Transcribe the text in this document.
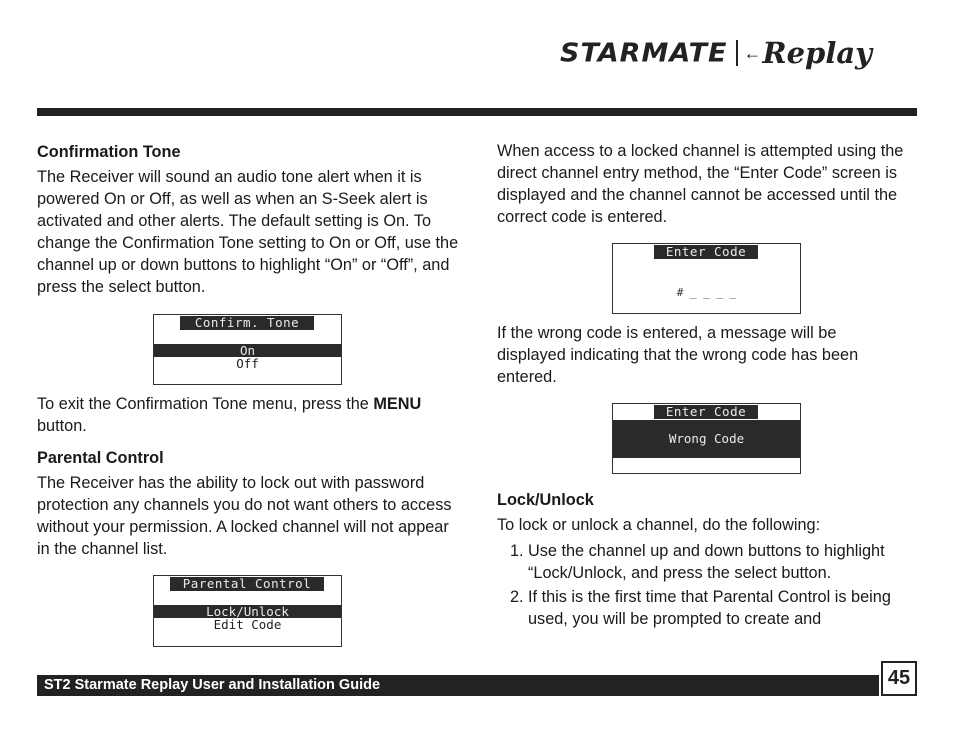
STARMATE ← Replay

Confirmation Tone

The Receiver will sound an audio tone alert when it is powered On or Off, as well as when an S-Seek alert is activated and other alerts. The default setting is On. To change the Confirmation Tone setting to On or Off, use the channel up or down buttons to highlight “On” or “Off”, and press the select button.

Confirm. Tone
On
Off

To exit the Confirmation Tone menu, press the MENU button.

Parental Control

The Receiver has the ability to lock out with password protection any channels you do not want others to access without your permission. A locked channel will not appear in the channel list.

Parental Control
Lock/Unlock
Edit Code

When access to a locked channel is attempted using the direct channel entry method, the “Enter Code” screen is displayed and the channel cannot be accessed until the correct code is entered.

Enter Code
# _ _ _ _

If the wrong code is entered, a message will be displayed indicating that the wrong code has been entered.

Enter Code
Wrong Code

Lock/Unlock

To lock or unlock a channel, do the following:

1. Use the channel up and down buttons to highlight “Lock/Unlock, and press the select button.
2. If this is the first time that Parental Control is being used, you will be prompted to create and
ST2 Starmate Replay User and Installation Guide	45
